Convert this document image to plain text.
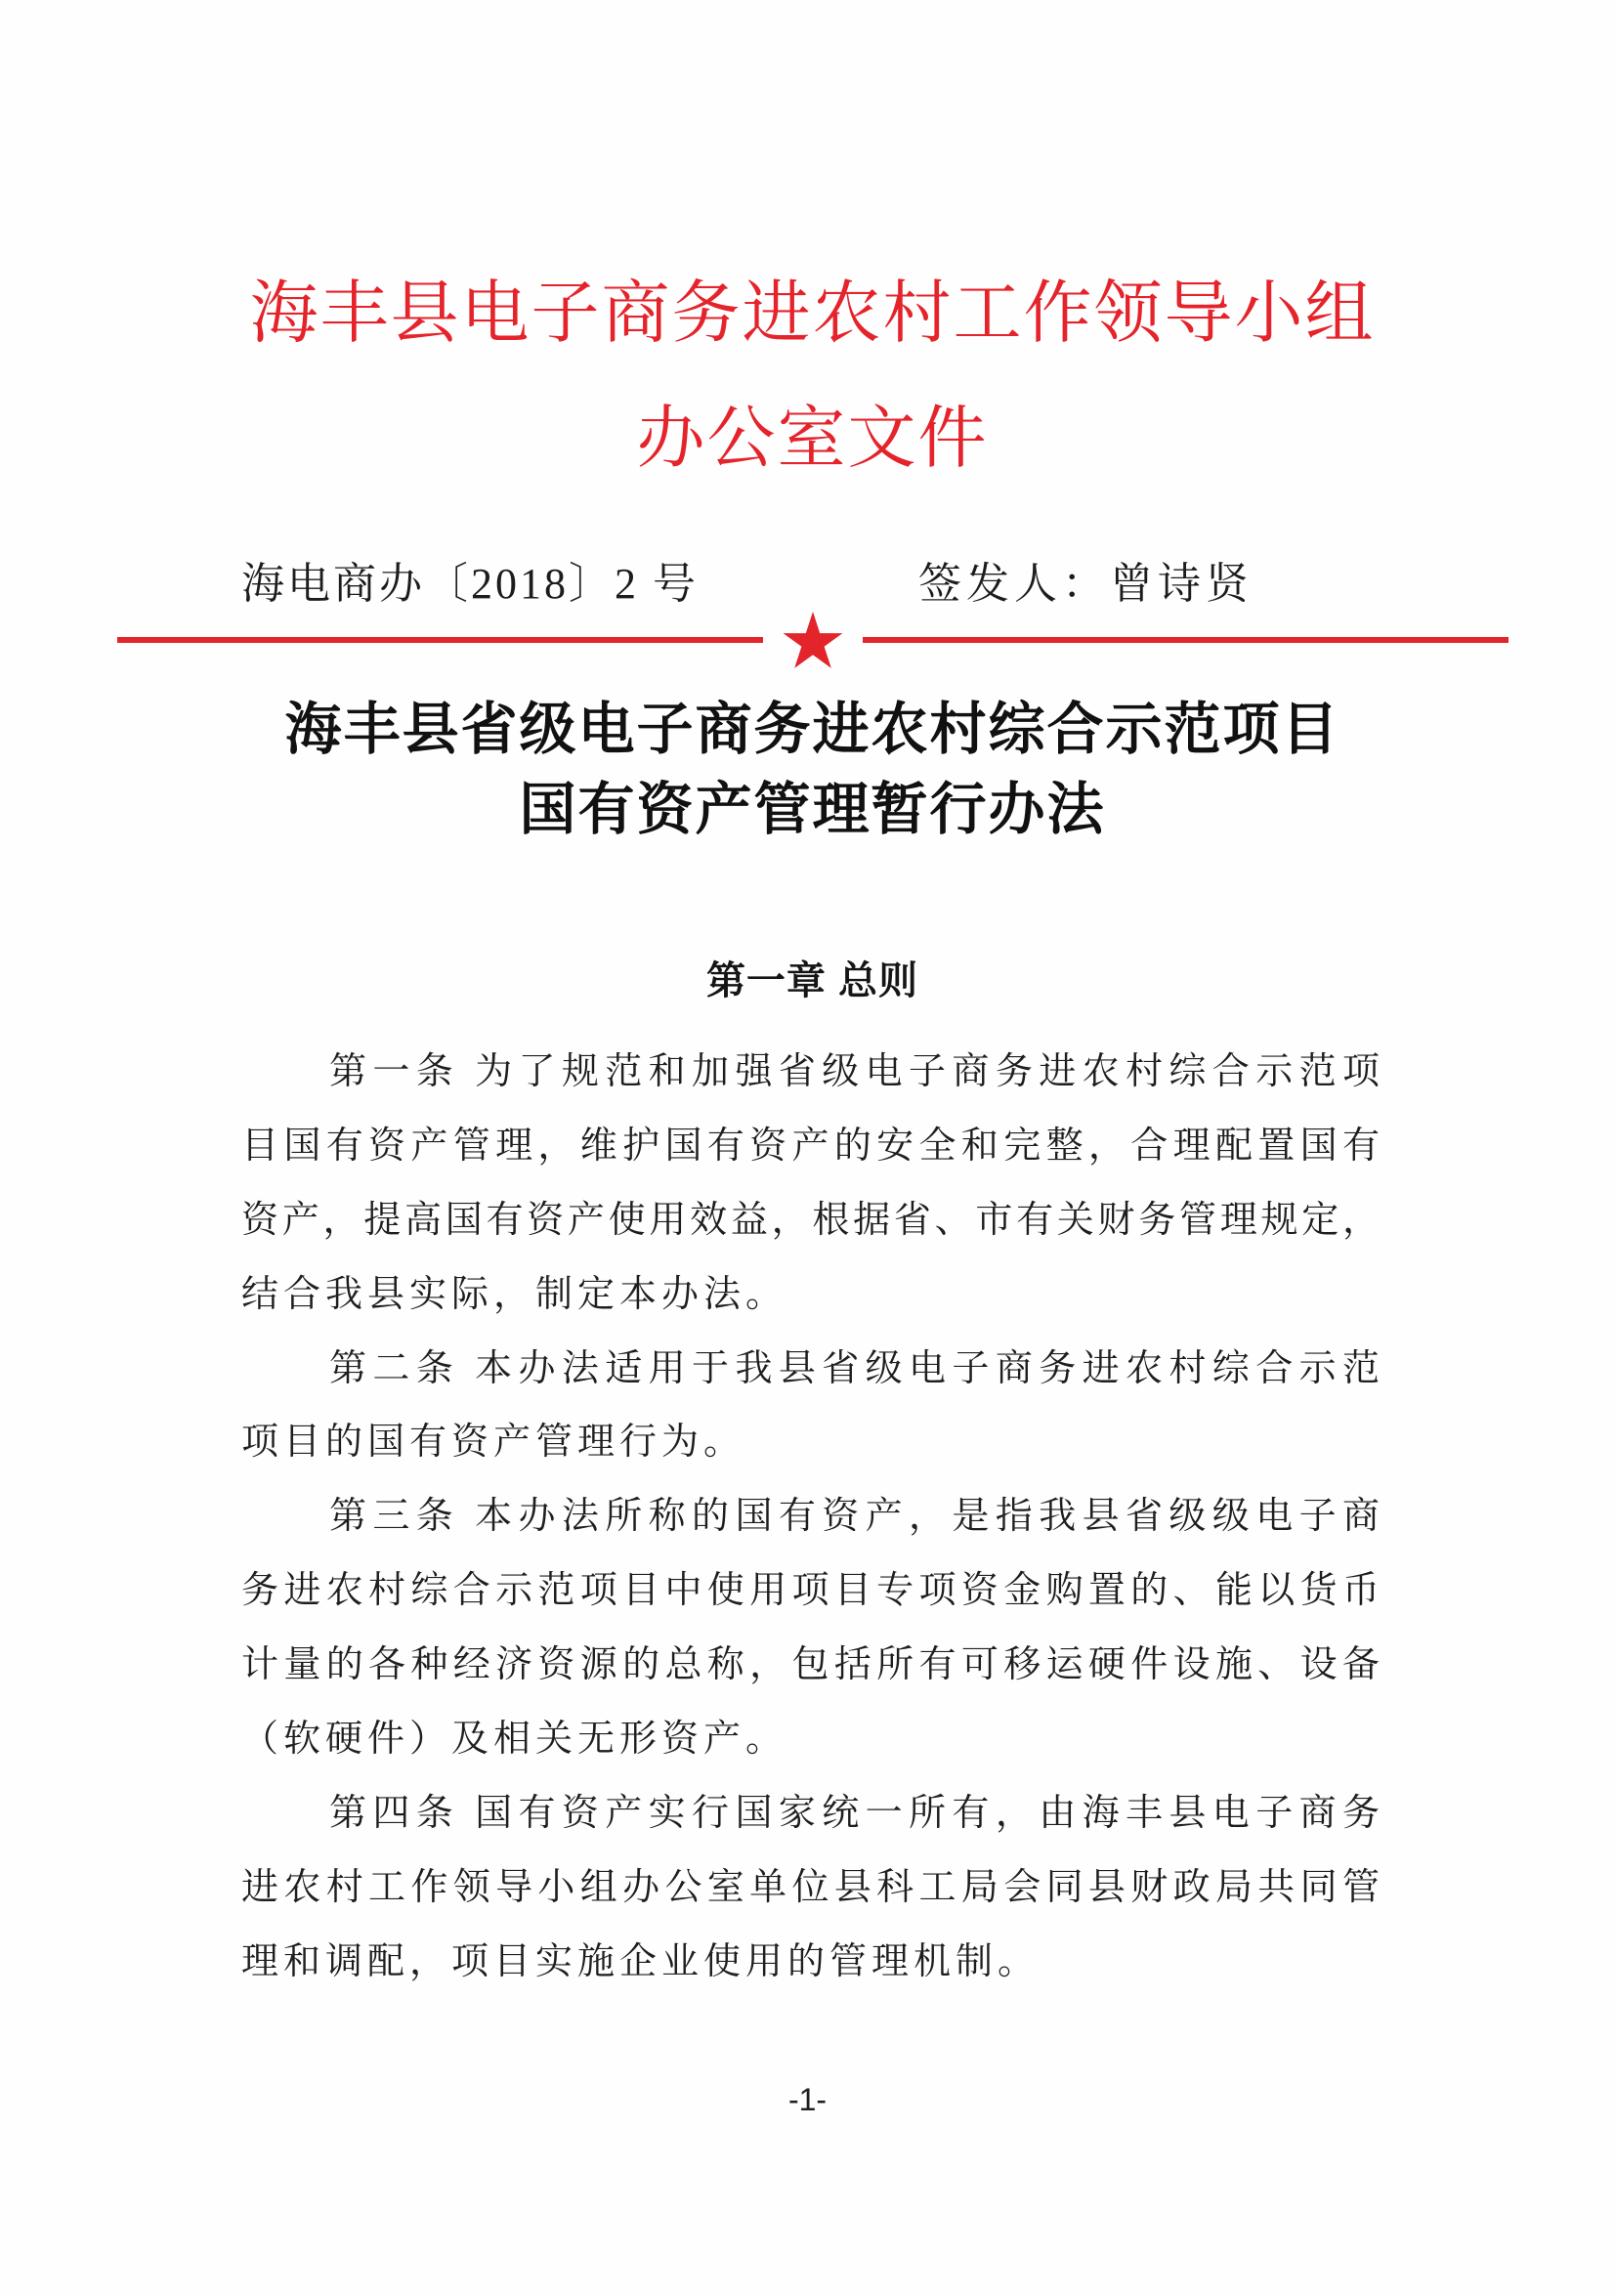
海丰县电子商务进农村工作领导小组
办公室文件
海电商办〔2018〕2 号	签发人：曾诗贤
海丰县省级电子商务进农村综合示范项目
国有资产管理暂行办法
第一章 总则
第一条 为了规范和加强省级电子商务进农村综合示范项
目国有资产管理，维护国有资产的安全和完整，合理配置国有
资产，提高国有资产使用效益，根据省、市有关财务管理规定，
结合我县实际，制定本办法。
第二条 本办法适用于我县省级电子商务进农村综合示范
项目的国有资产管理行为。
第三条 本办法所称的国有资产，是指我县省级级电子商
务进农村综合示范项目中使用项目专项资金购置的、能以货币
计量的各种经济资源的总称，包括所有可移运硬件设施、设备
（软硬件）及相关无形资产。
第四条 国有资产实行国家统一所有，由海丰县电子商务
进农村工作领导小组办公室单位县科工局会同县财政局共同管
理和调配，项目实施企业使用的管理机制。
-1-
